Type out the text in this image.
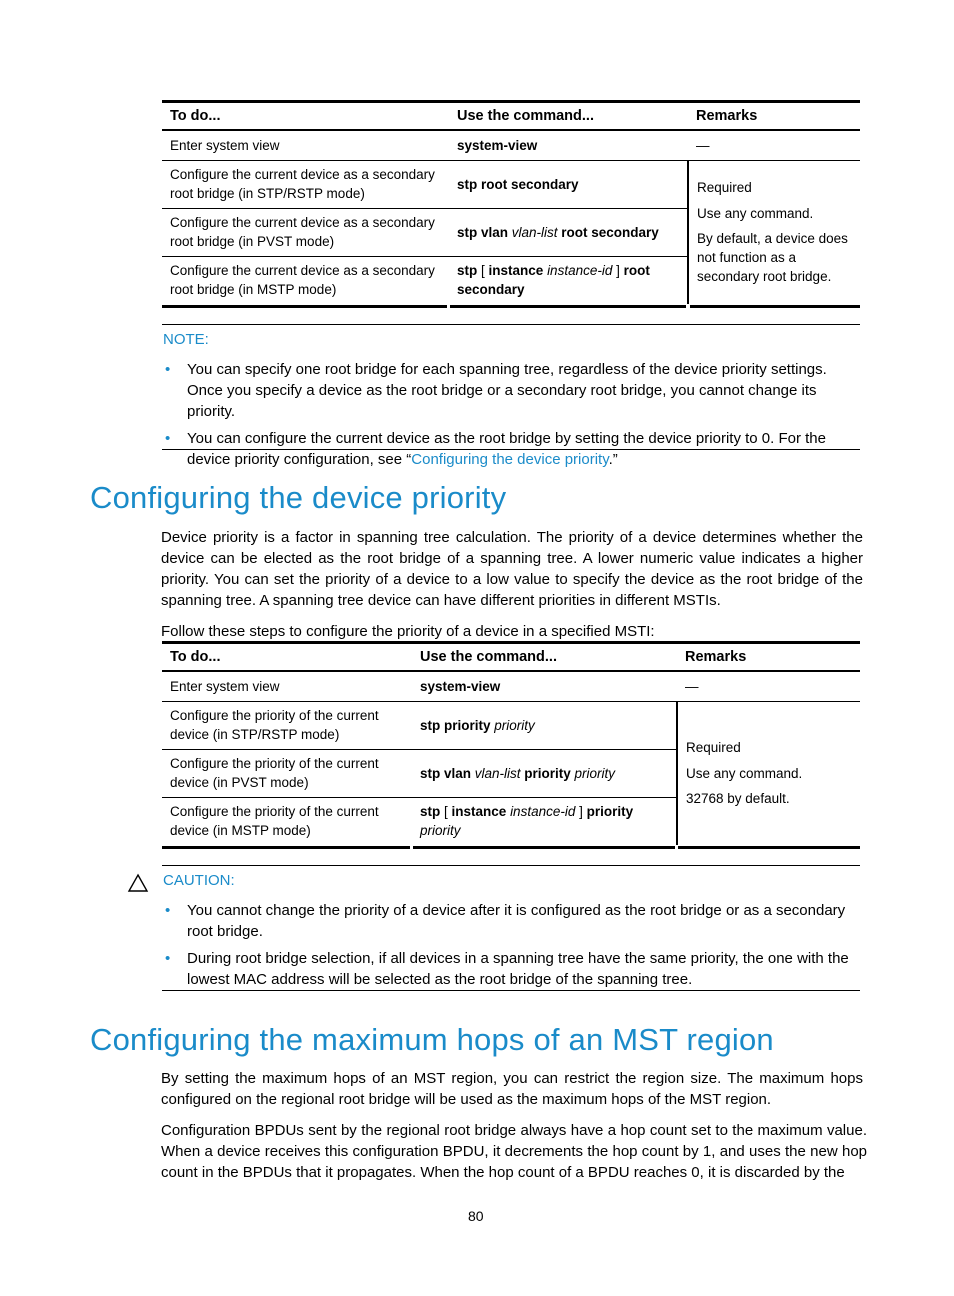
To do...	Use the command...	Remarks
Enter system view	system-view	—
Configure the current device as a secondary root bridge (in STP/RSTP mode)	stp root secondary	Required
Use any command.
By default, a device does not function as a secondary root bridge.

Configure the current device as a secondary root bridge (in PVST mode)	stp vlan vlan-list root secondary	
Configure the current device as a secondary root bridge (in MSTP mode)	stp [ instance instance-id ] root secondary	
NOTE:
• You can specify one root bridge for each spanning tree, regardless of the device priority settings. Once you specify a device as the root bridge or a secondary root bridge, you cannot change its priority.
• You can configure the current device as the root bridge by setting the device priority to 0. For the device priority configuration, see “Configuring the device priority.”
Configuring the device priority

Device priority is a factor in spanning tree calculation. The priority of a device determines whether the device can be elected as the root bridge of a spanning tree. A lower numeric value indicates a higher priority. You can set the priority of a device to a low value to specify the device as the root bridge of the spanning tree. A spanning tree device can have different priorities in different MSTIs.

Follow these steps to configure the priority of a device in a specified MSTI:

To do...	Use the command...	Remarks
Enter system view	system-view	—
Configure the priority of the current device (in STP/RSTP mode)	stp priority priority	Required
Use any command.
32768 by default.

Configure the priority of the current device (in PVST mode)	stp vlan vlan-list priority priority	
Configure the priority of the current device (in MSTP mode)	stp [ instance instance-id ] priority priority	
CAUTION:
• You cannot change the priority of a device after it is configured as the root bridge or as a secondary root bridge.
• During root bridge selection, if all devices in a spanning tree have the same priority, the one with the lowest MAC address will be selected as the root bridge of the spanning tree.
Configuring the maximum hops of an MST region

By setting the maximum hops of an MST region, you can restrict the region size. The maximum hops configured on the regional root bridge will be used as the maximum hops of the MST region.

Configuration BPDUs sent by the regional root bridge always have a hop count set to the maximum value. When a device receives this configuration BPDU, it decrements the hop count by 1, and uses the new hop count in the BPDUs that it propagates. When the hop count of a BPDU reaches 0, it is discarded by the

80
